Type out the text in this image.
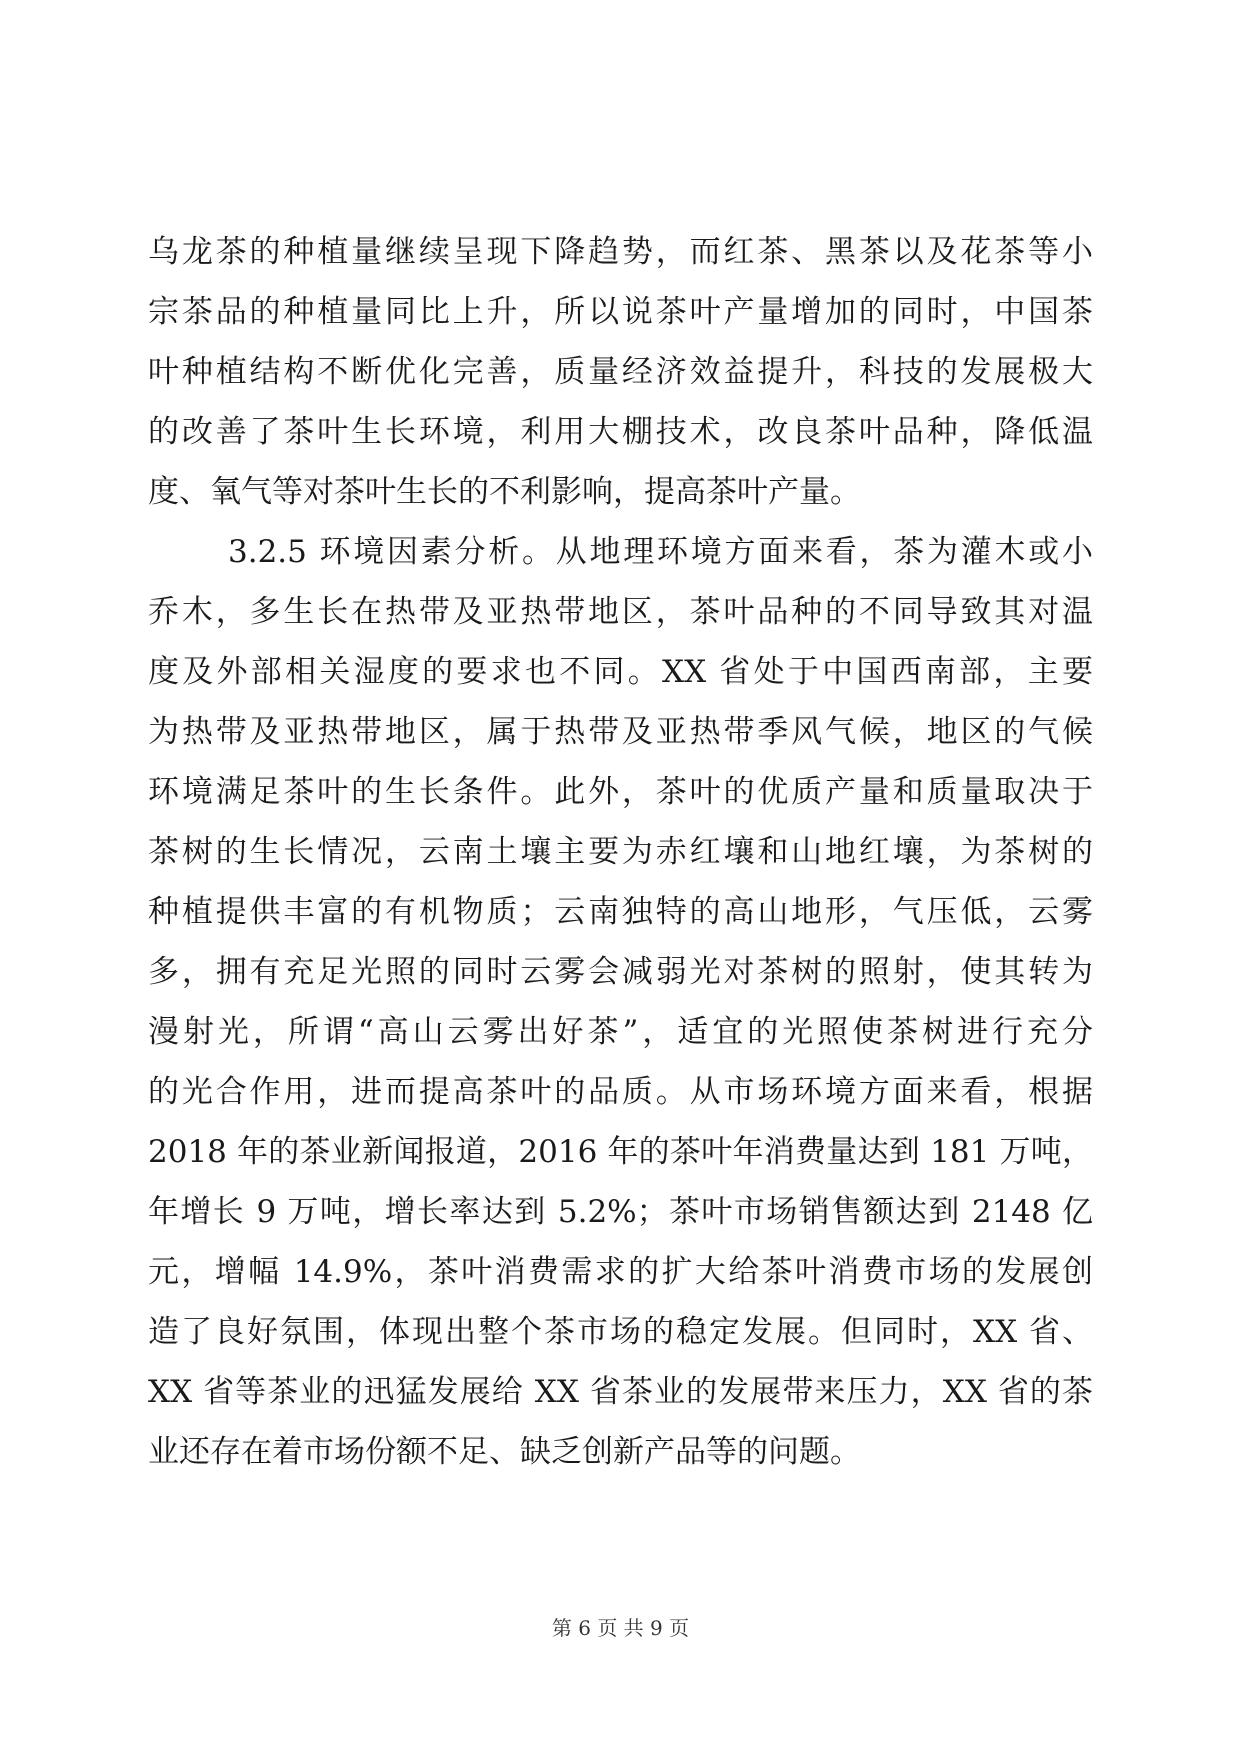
乌龙茶的种植量继续呈现下降趋势，而红茶、黑茶以及花茶等小
宗茶品的种植量同比上升，所以说茶叶产量增加的同时，中国茶
叶种植结构不断优化完善，质量经济效益提升，科技的发展极大
的改善了茶叶生长环境，利用大棚技术，改良茶叶品种，降低温
度、氧气等对茶叶生长的不利影响，提高茶叶产量。
3.2.5 环境因素分析。从地理环境方面来看，茶为灌木或小
乔木，多生长在热带及亚热带地区，茶叶品种的不同导致其对温
度及外部相关湿度的要求也不同。XX 省处于中国西南部，主要
为热带及亚热带地区，属于热带及亚热带季风气候，地区的气候
环境满足茶叶的生长条件。此外，茶叶的优质产量和质量取决于
茶树的生长情况，云南土壤主要为赤红壤和山地红壤，为茶树的
种植提供丰富的有机物质；云南独特的高山地形，气压低，云雾
多，拥有充足光照的同时云雾会减弱光对茶树的照射，使其转为
漫射光，所谓“高山云雾出好茶”，适宜的光照使茶树进行充分
的光合作用，进而提高茶叶的品质。从市场环境方面来看，根据
2018 年的茶业新闻报道，2016 年的茶叶年消费量达到 181 万吨，
年增长 9 万吨，增长率达到 5.2%；茶叶市场销售额达到 2148 亿
元，增幅 14.9%，茶叶消费需求的扩大给茶叶消费市场的发展创
造了良好氛围，体现出整个茶市场的稳定发展。但同时，XX 省、
XX 省等茶业的迅猛发展给 XX 省茶业的发展带来压力，XX 省的茶
业还存在着市场份额不足、缺乏创新产品等的问题。
第 6 页 共 9 页
